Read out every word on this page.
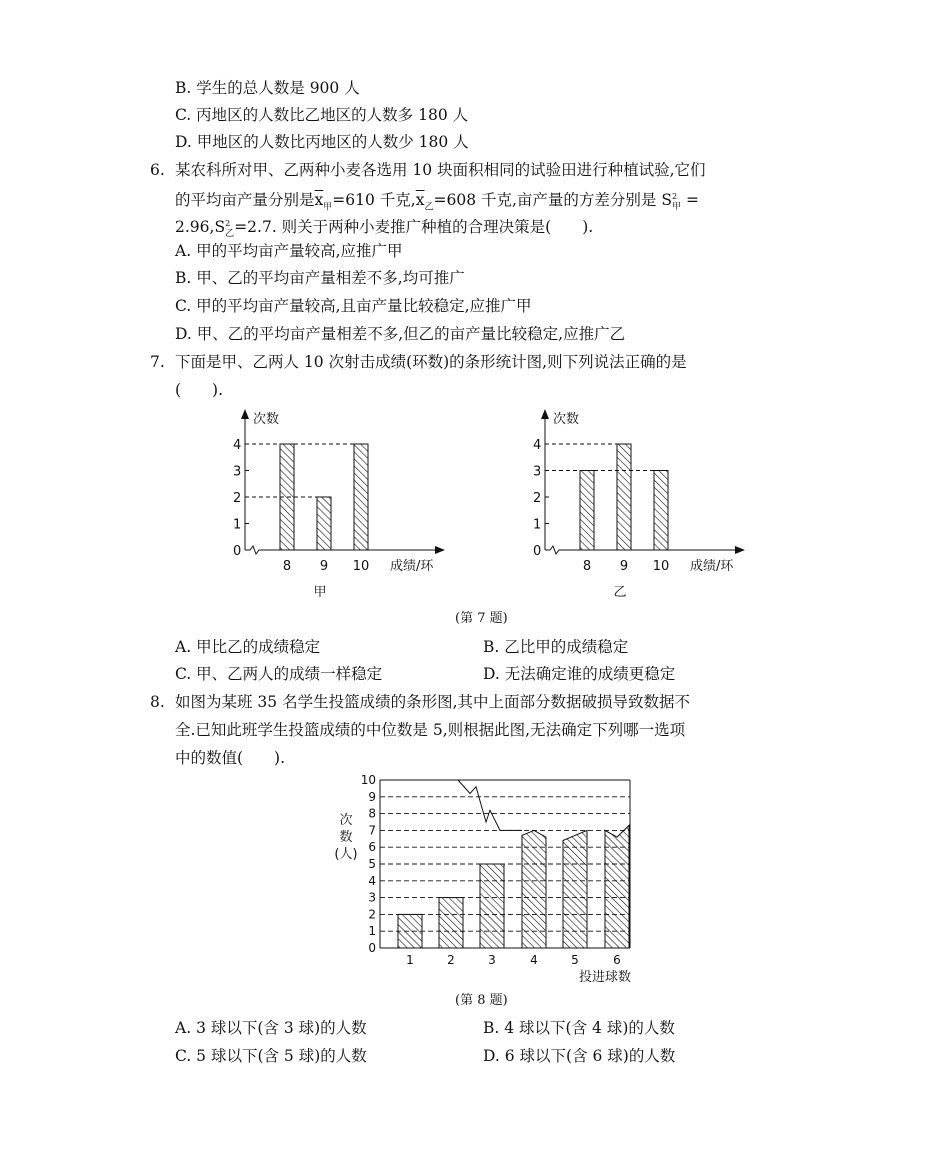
B. 学生的总人数是 900 人
C. 丙地区的人数比乙地区的人数多 180 人
D. 甲地区的人数比丙地区的人数少 180 人
6. 某农科所对甲、乙两种小麦各选用 10 块面积相同的试验田进行种植试验,它们
的平均亩产量分别是$\overline{x}_甲=610$ 千克$,\overline{x}_乙=608$ 千克,亩产量的方差分别是 $S^2_甲$ =
$2.96,S^2_乙=2.7$. 则关于两种小麦推广种植的合理决策是(　　).
A. 甲的平均亩产量较高,应推广甲
B. 甲、乙的平均亩产量相差不多,均可推广
C. 甲的平均亩产量较高,且亩产量比较稳定,应推广甲
D. 甲、乙的平均亩产量相差不多,但乙的亩产量比较稳定,应推广乙
7. 下面是甲、乙两人 10 次射击成绩(环数)的条形统计图,则下列说法正确的是
(　　).
次数
0
1
2
3
4
8 9 10 成绩/环
甲
次数
0
1
2
3
4
8 9 10 成绩/环
乙
(第 7 题)
A. 甲比乙的成绩稳定	B. 乙比甲的成绩稳定
C. 甲、乙两人的成绩一样稳定	D. 无法确定谁的成绩更稳定
8. 如图为某班 35 名学生投篮成绩的条形图,其中上面部分数据破损导致数据不
全.已知此班学生投篮成绩的中位数是 5,则根据此图,无法确定下列哪一选项
中的数值(　　).
0
1
2
3
4
5
6
7
8
9
10
次
数
(人)
1	2	3	4	5	6
投进球数
(第 8 题)
A. 3 球以下(含 3 球)的人数	B. 4 球以下(含 4 球)的人数
C. 5 球以下(含 5 球)的人数	D. 6 球以下(含 6 球)的人数
